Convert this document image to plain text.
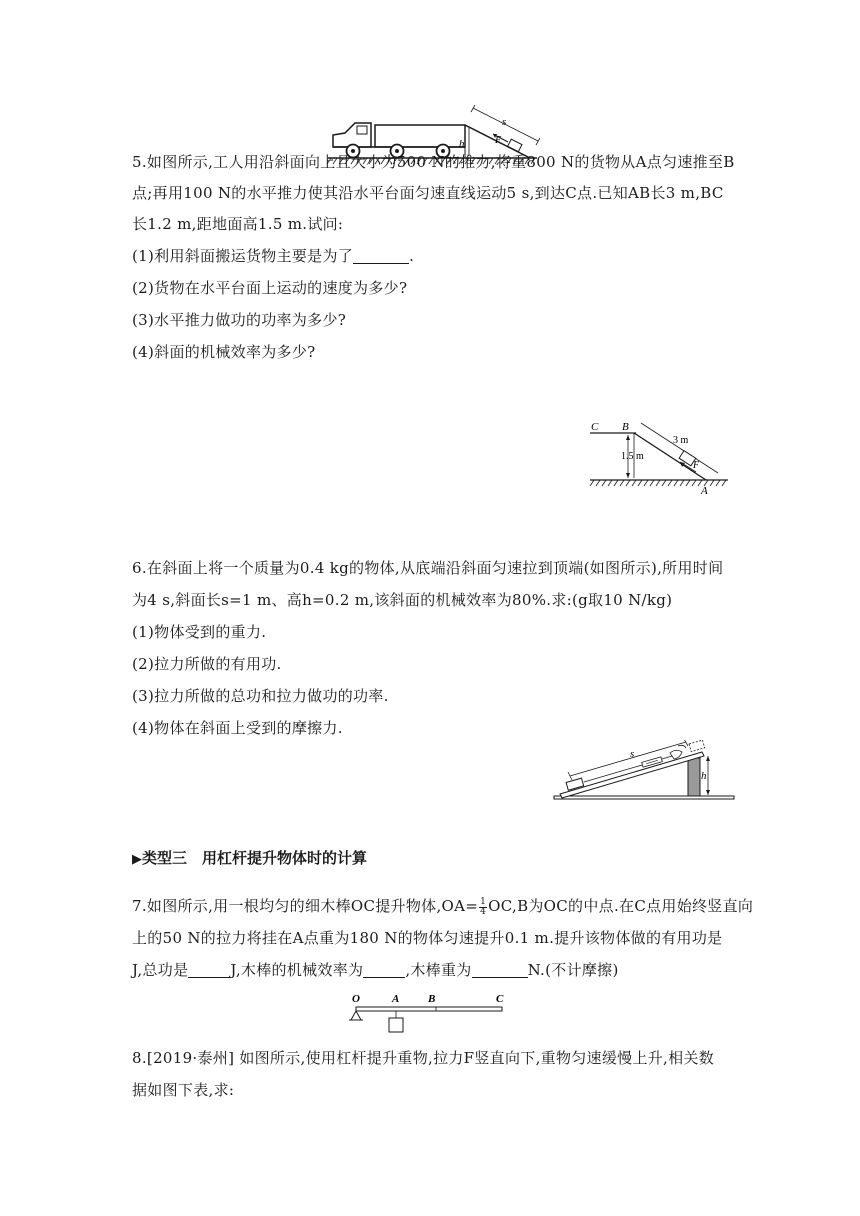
h
s
F
5.如图所示,工人用沿斜面向上且大小为500 N的推力,将重800 N的货物从A点匀速推至B
点;再用100 N的水平推力使其沿水平台面匀速直线运动5 s,到达C点.已知AB长3 m,BC
长1.2 m,距地面高1.5 m.试问:
(1)利用斜面搬运货物主要是为了	.
(2)货物在水平台面上运动的速度为多少?
(3)水平推力做功的功率为多少?
(4)斜面的机械效率为多少?
C B
A
1.5 m
3 m
F
6.在斜面上将一个质量为0.4 kg的物体,从底端沿斜面匀速拉到顶端(如图所示),所用时间
为4 s,斜面长s=1 m、高h=0.2 m,该斜面的机械效率为80%.求:(g取10 N/kg)
(1)物体受到的重力.
(2)拉力所做的有用功.
(3)拉力所做的总功和拉力做功的功率.
(4)物体在斜面上受到的摩擦力.
s
h
▶类型三　用杠杆提升物体时的计算
7.如图所示,用一根均匀的细木棒OC提升物体$,OA= \frac{1}{4} OC,B$为OC的中点.在C点用始终竖直向
上的50 N的拉力将挂在A点重为180 N的物体匀速提升0.1 m.提升该物体做的有用功是
J,总功是	J,木棒的机械效率为	,木棒重为	N.(不计摩擦)
O	A	B	C
8.[2019·泰州] 如图所示,使用杠杆提升重物,拉力F竖直向下,重物匀速缓慢上升,相关数
据如图下表,求:
